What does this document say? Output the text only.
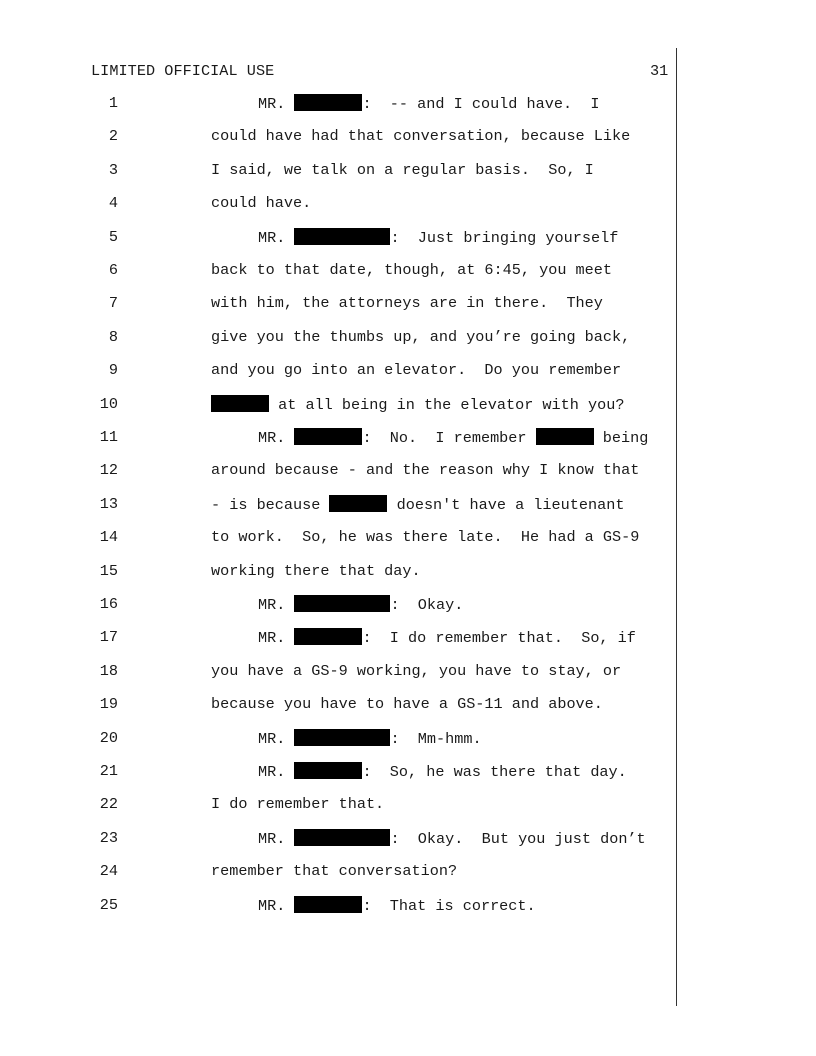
LIMITED OFFICIAL USE	31
1	MR.	:  -- and I could have.  I
2	could have had that conversation, because Like
3	I said, we talk on a regular basis.  So, I
4	could have.
5	MR.	:  Just bringing yourself
6	back to that date, though, at 6:45, you meet
7	with him, the attorneys are in there.  They
8	give you the thumbs up, and you’re going back,
9	and you go into an elevator.  Do you remember
10	at all being in the elevator with you?
11	MR.	:  No.  I remember	being
12	around because - and the reason why I know that
13	- is because	doesn't have a lieutenant
14	to work.  So, he was there late.  He had a GS-9
15	working there that day.
16	MR.	:  Okay.
17	MR.	:  I do remember that.  So, if
18	you have a GS-9 working, you have to stay, or
19	because you have to have a GS-11 and above.
20	MR.	:  Mm-hmm.
21	MR.	:  So, he was there that day.
22	I do remember that.
23	MR.	:  Okay.  But you just don’t
24	remember that conversation?
25	MR.	:  That is correct.
